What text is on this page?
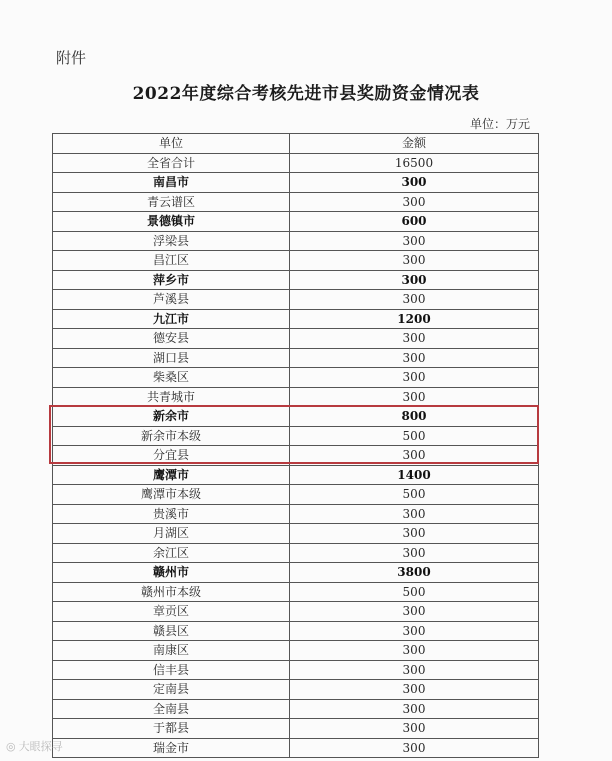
附件
2022年度综合考核先进市县奖励资金情况表
单位：万元
单位	金额
全省合计	16500
南昌市	300
青云谱区	300
景德镇市	600
浮梁县	300
昌江区	300
萍乡市	300
芦溪县	300
九江市	1200
德安县	300
湖口县	300
柴桑区	300
共青城市	300
新余市	800
新余市本级	500
分宜县	300
鹰潭市	1400
鹰潭市本级	500
贵溪市	300
月湖区	300
余江区	300
赣州市	3800
赣州市本级	500
章贡区	300
赣县区	300
南康区	300
信丰县	300
定南县	300
全南县	300
于都县	300
瑞金市	300
◎ 大眼探寻
